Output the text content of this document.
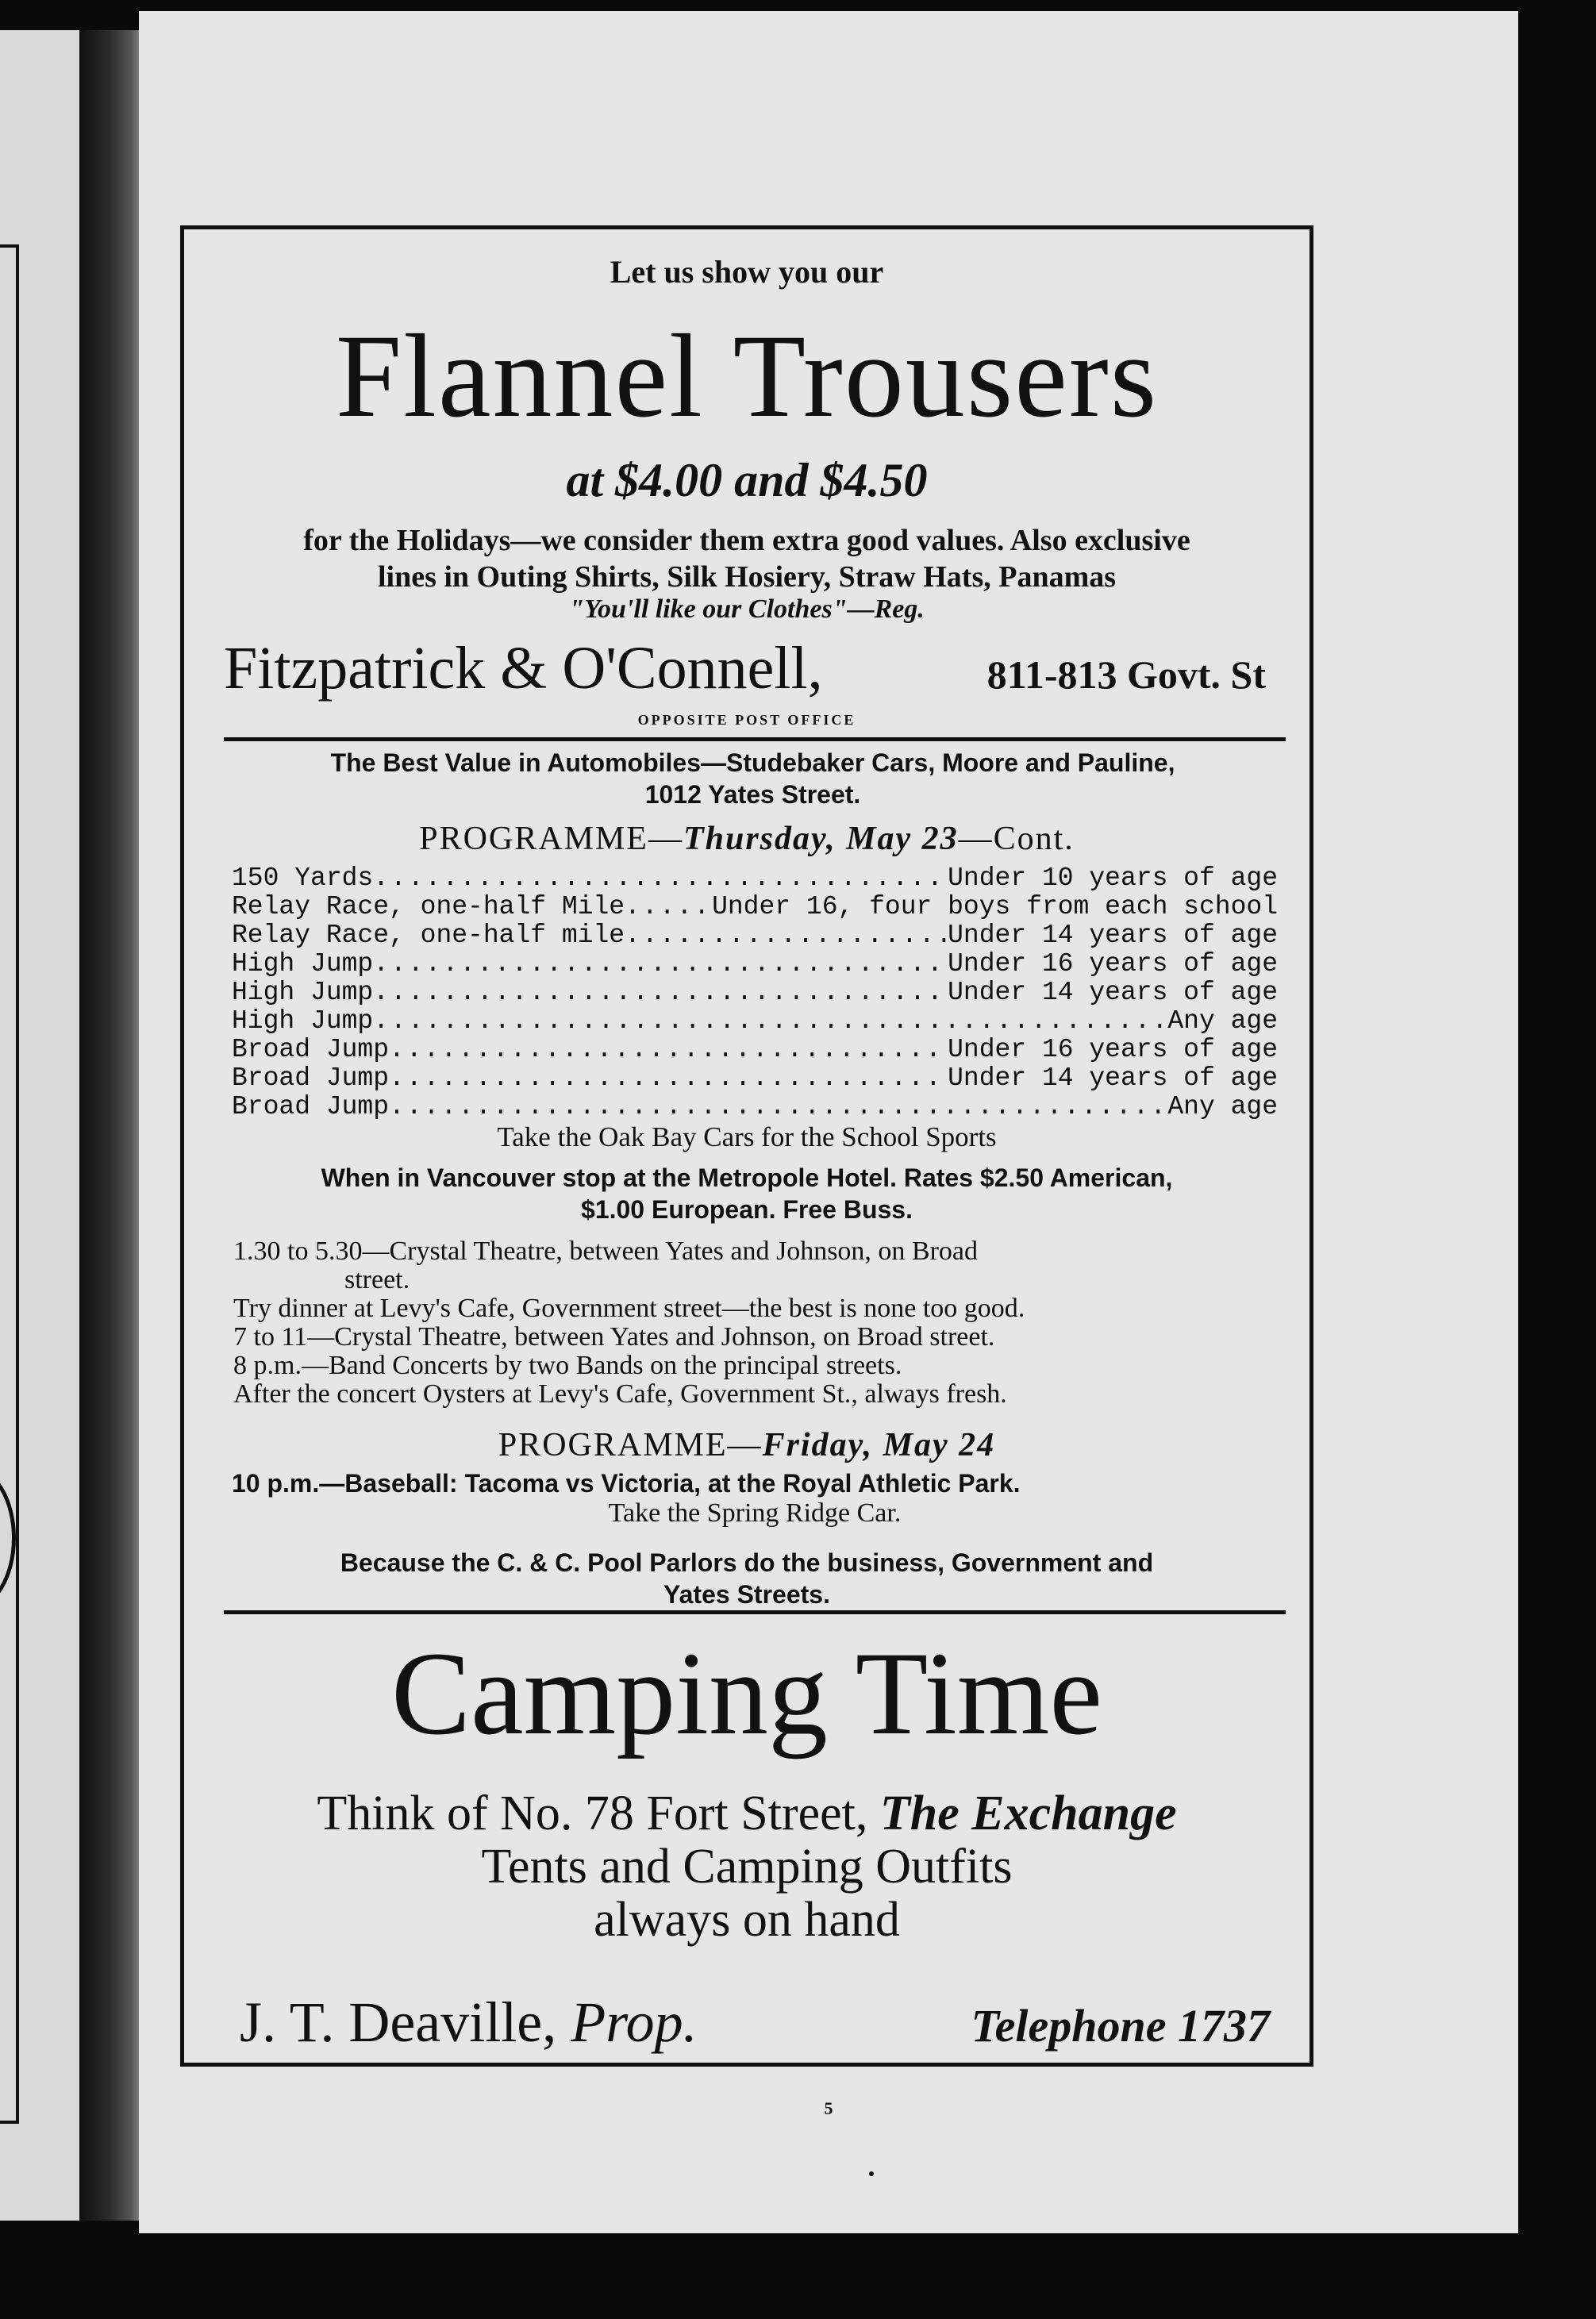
Let us show you our
Flannel Trousers
at $4.00 and $4.50
for the Holidays—we consider them extra good values. Also exclusive
lines in Outing Shirts, Silk Hosiery, Straw Hats, Panamas
"You'll like our Clothes"—Reg.
Fitzpatrick & O'Connell,	811-813 Govt. St
OPPOSITE POST OFFICE
The Best Value in Automobiles—Studebaker Cars, Moore and Pauline,
1012 Yates Street.
PROGRAMME—Thursday, May 23—Cont.
150 Yards .....	Under 10 years of age
Relay Race, one-half Mile .....	Under 16, four boys from each school
Relay Race, one-half mile .....	Under 14 years of age
High Jump .....	Under 16 years of age
High Jump .....	Under 14 years of age
High Jump .....	Any age
Broad Jump .....	Under 16 years of age
Broad Jump .....	Under 14 years of age
Broad Jump .....	Any age
Take the Oak Bay Cars for the School Sports
When in Vancouver stop at the Metropole Hotel. Rates $2.50 American,
$1.00 European. Free Buss.
1.30 to 5.30—Crystal Theatre, between Yates and Johnson, on Broad
street.
Try dinner at Levy's Cafe, Government street—the best is none too good.
7 to 11—Crystal Theatre, between Yates and Johnson, on Broad street.
8 p.m.—Band Concerts by two Bands on the principal streets.
After the concert Oysters at Levy's Cafe, Government St., always fresh.
PROGRAMME—Friday, May 24
10 p.m.—Baseball: Tacoma vs Victoria, at the Royal Athletic Park.
Take the Spring Ridge Car.
Because the C. & C. Pool Parlors do the business, Government and
Yates Streets.
Camping Time
Think of No. 78 Fort Street, The Exchange
Tents and Camping Outfits
always on hand
J. T. Deaville, Prop.	Telephone 1737
5
